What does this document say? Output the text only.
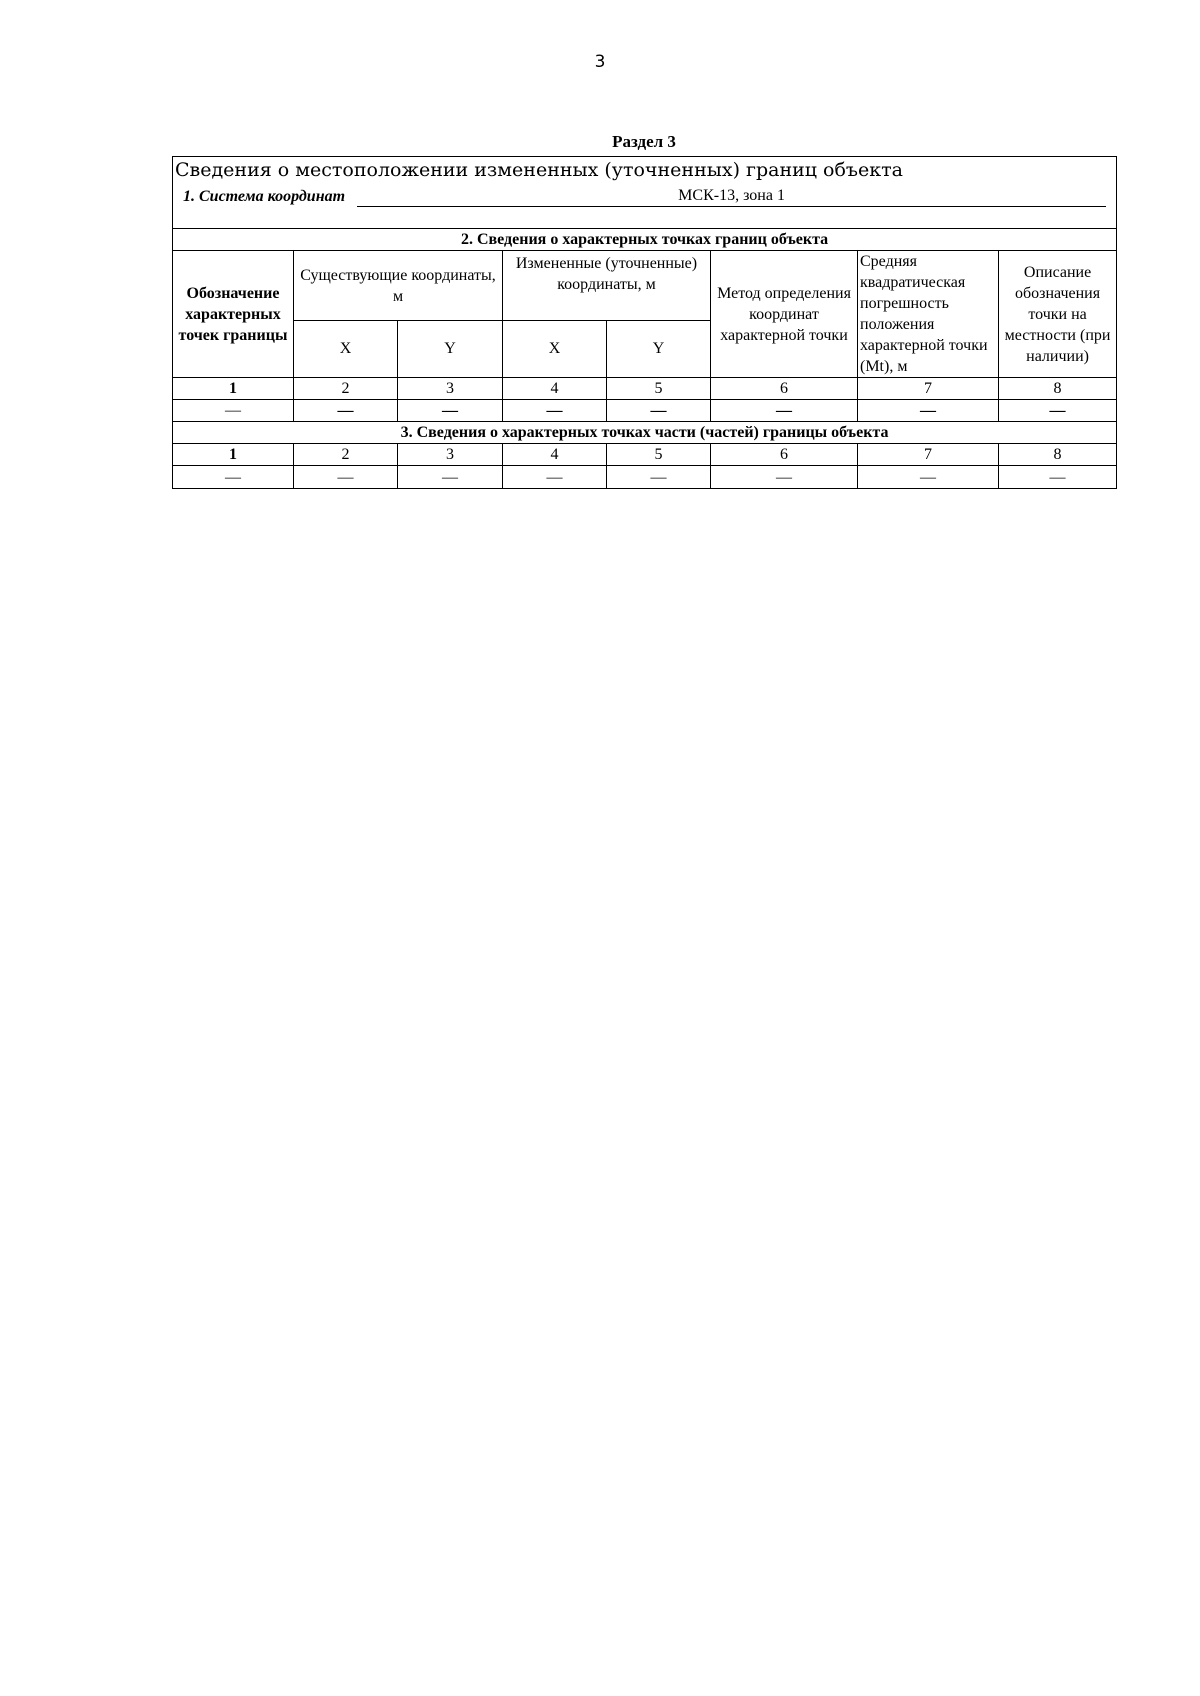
3
Раздел 3
Сведения о местоположении измененных (уточненных) границ объекта							

1. Система координат МСК-13, зона 1							

2. Сведения о характерных точках границ объекта							
Обозначение характерных точек границы	Существующие координаты, м		Измененные (уточненные) координаты, м		Метод определения координат характерной точки	Средняя квадратическая погрешность положения характерной точки (Mt), м	Описание обозначения точки на местности (при наличии)
	X	Y	X	Y			
1	2	3	4	5	6	7	8
—	—	—	—	—	—	—	—
3. Сведения о характерных точках части (частей) границы объекта							
1	2	3	4	5	6	7	8
—	—	—	—	—	—	—	—
